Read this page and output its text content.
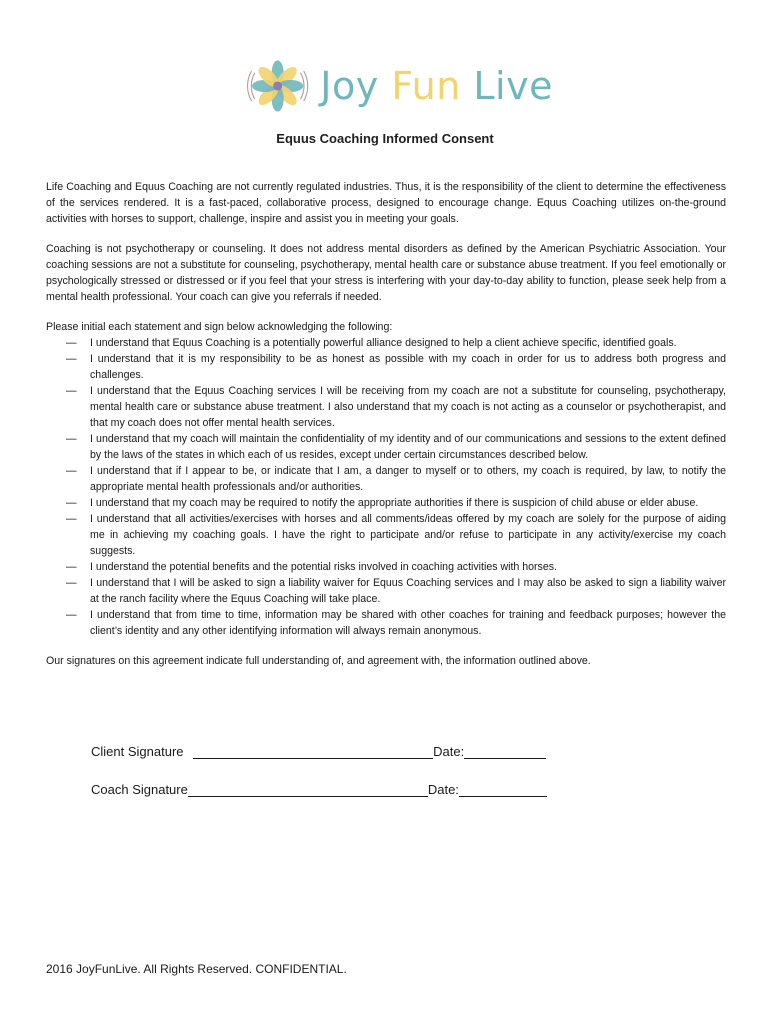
Joy Fun Live
Equus Coaching Informed Consent

Life Coaching and Equus Coaching are not currently regulated industries. Thus, it is the responsibility of the client to determine the effectiveness of the services rendered. It is a fast-paced, collaborative process, designed to encourage change. Equus Coaching utilizes on-the-ground activities with horses to support, challenge, inspire and assist you in meeting your goals.

Coaching is not psychotherapy or counseling. It does not address mental disorders as defined by the American Psychiatric Association. Your coaching sessions are not a substitute for counseling, psychotherapy, mental health care or substance abuse treatment. If you feel emotionally or psychologically stressed or distressed or if you feel that your stress is interfering with your day-to-day ability to function, please seek help from a mental health professional. Your coach can give you referrals if needed.

Please initial each statement and sign below acknowledging the following:

—	I understand that Equus Coaching is a potentially powerful alliance designed to help a client achieve specific, identified goals.
—	I understand that it is my responsibility to be as honest as possible with my coach in order for us to address both progress and challenges.
—	I understand that the Equus Coaching services I will be receiving from my coach are not a substitute for counseling, psychotherapy, mental health care or substance abuse treatment. I also understand that my coach is not acting as a counselor or psychotherapist, and that my coach does not offer mental health services.
—	I understand that my coach will maintain the confidentiality of my identity and of our communications and sessions to the extent defined by the laws of the states in which each of us resides, except under certain circumstances described below.
—	I understand that if I appear to be, or indicate that I am, a danger to myself or to others, my coach is required, by law, to notify the appropriate mental health professionals and/or authorities.
—	I understand that my coach may be required to notify the appropriate authorities if there is suspicion of child abuse or elder abuse.
—	I understand that all activities/exercises with horses and all comments/ideas offered by my coach are solely for the purpose of aiding me in achieving my coaching goals. I have the right to participate and/or refuse to participate in any activity/exercise my coach suggests.
—	I understand the potential benefits and the potential risks involved in coaching activities with horses.
—	I understand that I will be asked to sign a liability waiver for Equus Coaching services and I may also be asked to sign a liability waiver at the ranch facility where the Equus Coaching will take place.
—	I understand that from time to time, information may be shared with other coaches for training and feedback purposes; however the client’s identity and any other identifying information will always remain anonymous.

Our signatures on this agreement indicate full understanding of, and agreement with, the information outlined above.

Client Signature	Date:
Coach Signature	Date:
2016 JoyFunLive. All Rights Reserved. CONFIDENTIAL.
